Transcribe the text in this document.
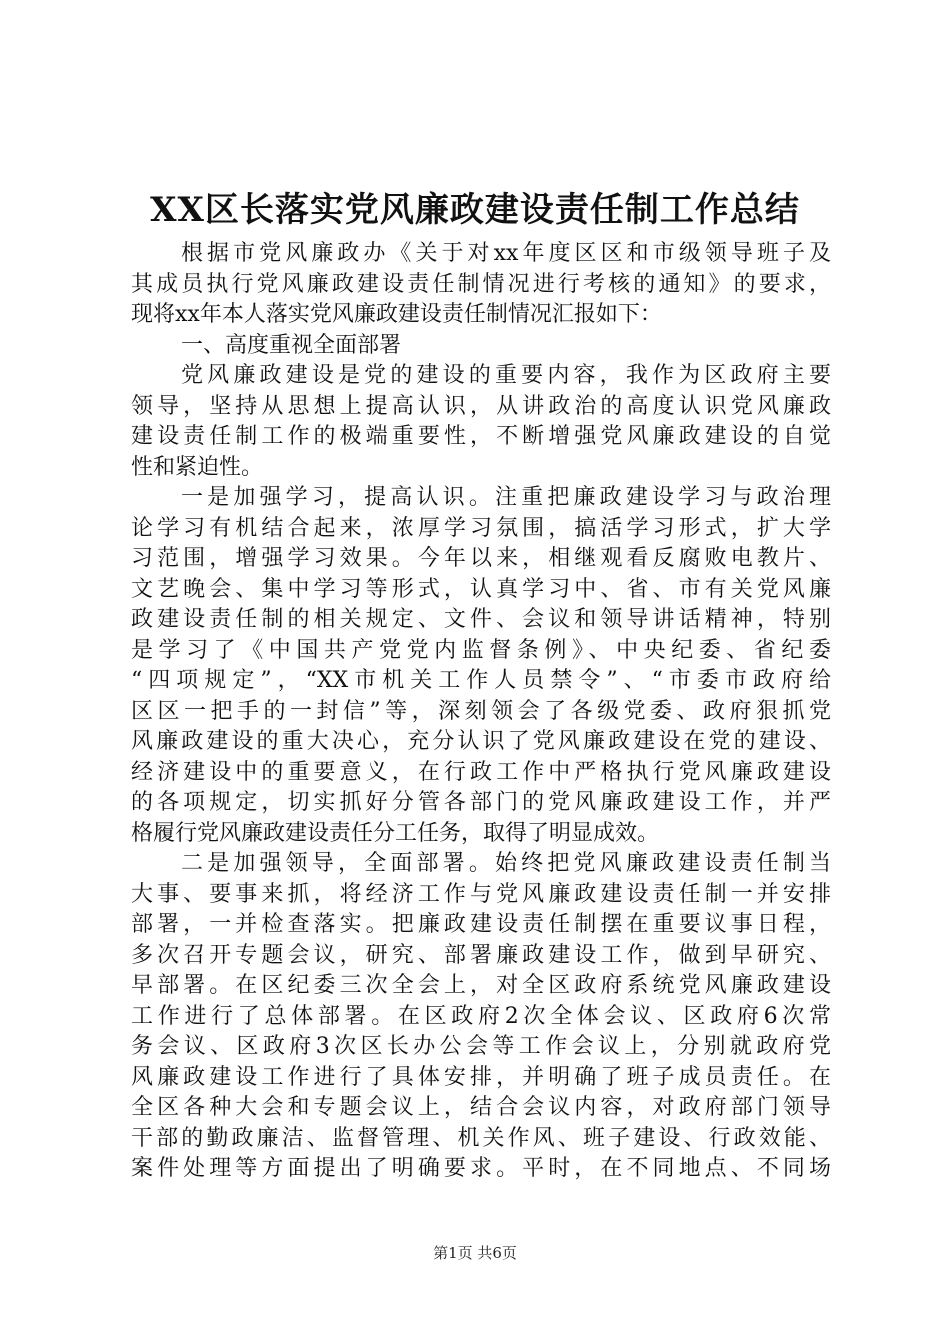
XX区长落实党风廉政建设责任制工作总结
根据市党风廉政办《关于对xx年度区区和市级领导班子及
其成员执行党风廉政建设责任制情况进行考核的通知》的要求，
现将xx年本人落实党风廉政建设责任制情况汇报如下：
一、高度重视全面部署
党风廉政建设是党的建设的重要内容，我作为区政府主要
领导，坚持从思想上提高认识，从讲政治的高度认识党风廉政
建设责任制工作的极端重要性，不断增强党风廉政建设的自觉
性和紧迫性。
一是加强学习，提高认识。注重把廉政建设学习与政治理
论学习有机结合起来，浓厚学习氛围，搞活学习形式，扩大学
习范围，增强学习效果。今年以来，相继观看反腐败电教片、
文艺晚会、集中学习等形式，认真学习中、省、市有关党风廉
政建设责任制的相关规定、文件、会议和领导讲话精神，特别
是学习了《中国共产党党内监督条例》、中央纪委、省纪委
“四项规定”，“XX市机关工作人员禁令”、“市委市政府给
区区一把手的一封信”等，深刻领会了各级党委、政府狠抓党
风廉政建设的重大决心，充分认识了党风廉政建设在党的建设、
经济建设中的重要意义，在行政工作中严格执行党风廉政建设
的各项规定，切实抓好分管各部门的党风廉政建设工作，并严
格履行党风廉政建设责任分工任务，取得了明显成效。
二是加强领导，全面部署。始终把党风廉政建设责任制当
大事、要事来抓，将经济工作与党风廉政建设责任制一并安排
部署，一并检查落实。把廉政建设责任制摆在重要议事日程，
多次召开专题会议，研究、部署廉政建设工作，做到早研究、
早部署。在区纪委三次全会上，对全区政府系统党风廉政建设
工作进行了总体部署。在区政府2次全体会议、区政府6次常
务会议、区政府3次区长办公会等工作会议上，分别就政府党
风廉政建设工作进行了具体安排，并明确了班子成员责任。在
全区各种大会和专题会议上，结合会议内容，对政府部门领导
干部的勤政廉洁、监督管理、机关作风、班子建设、行政效能、
案件处理等方面提出了明确要求。平时，在不同地点、不同场
第1页 共6页
